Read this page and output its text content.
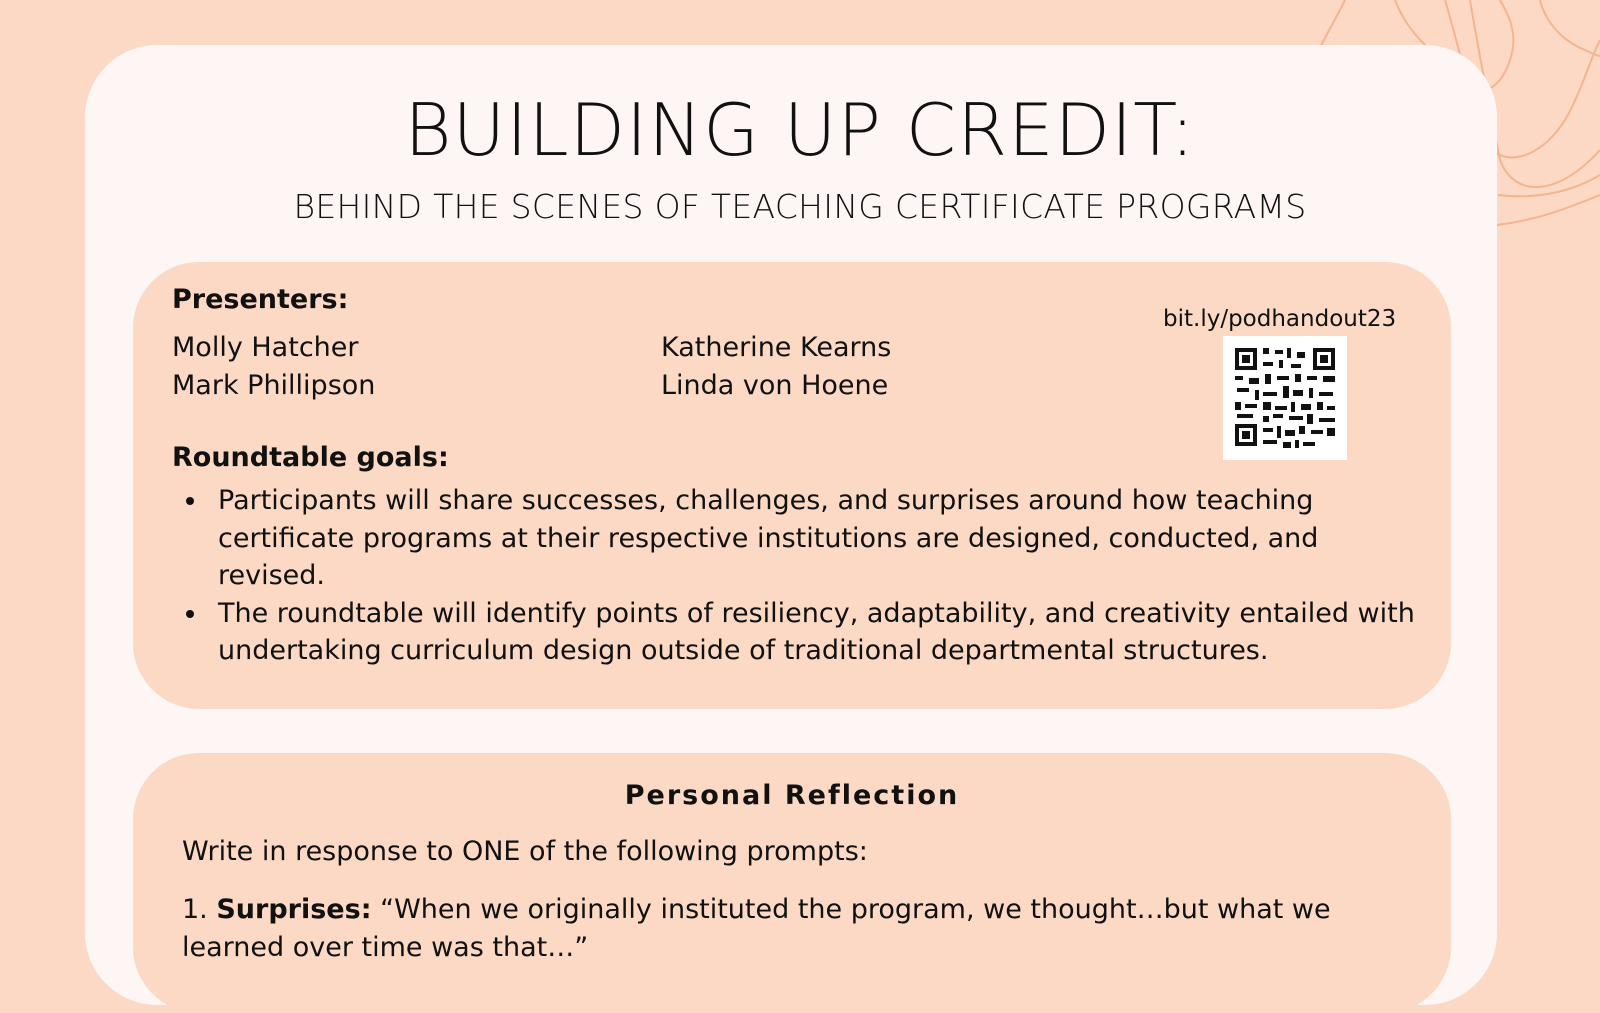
BUILDING UP CREDIT:
BEHIND THE SCENES OF TEACHING CERTIFICATE PROGRAMS

Presenters:

Molly Hatcher

Mark Phillipson

Katherine Kearns

Linda von Hoene

bit.ly/podhandout23

Roundtable goals:

Participants will share successes, challenges, and surprises around how teaching certificate programs at their respective institutions are designed, conducted, and revised.
The roundtable will identify points of resiliency, adaptability, and creativity entailed with undertaking curriculum design outside of traditional departmental structures.

Personal Reflection

Write in response to ONE of the following prompts:

1. Surprises: “When we originally instituted the program, we thought…but what we learned over time was that…”
